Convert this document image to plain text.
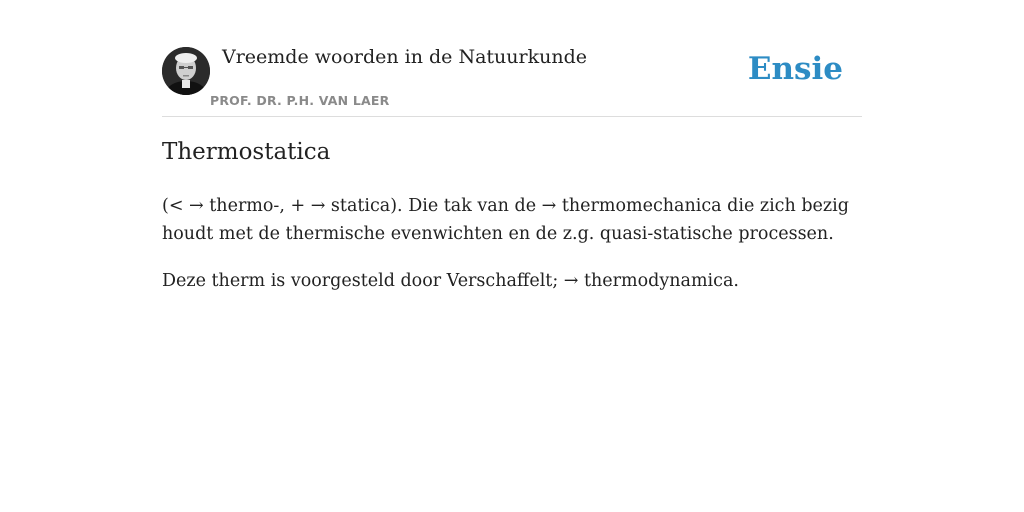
Vreemde woorden in de Natuurkunde
PROF. DR. P.H. VAN LAER
Ensie
Thermostatica

(< → thermo-, + → statica). Die tak van de → thermomechanica die zich bezig houdt met de thermische evenwichten en de z.g. quasi-statische processen.

Deze therm is voorgesteld door Verschaffelt; → thermodynamica.
